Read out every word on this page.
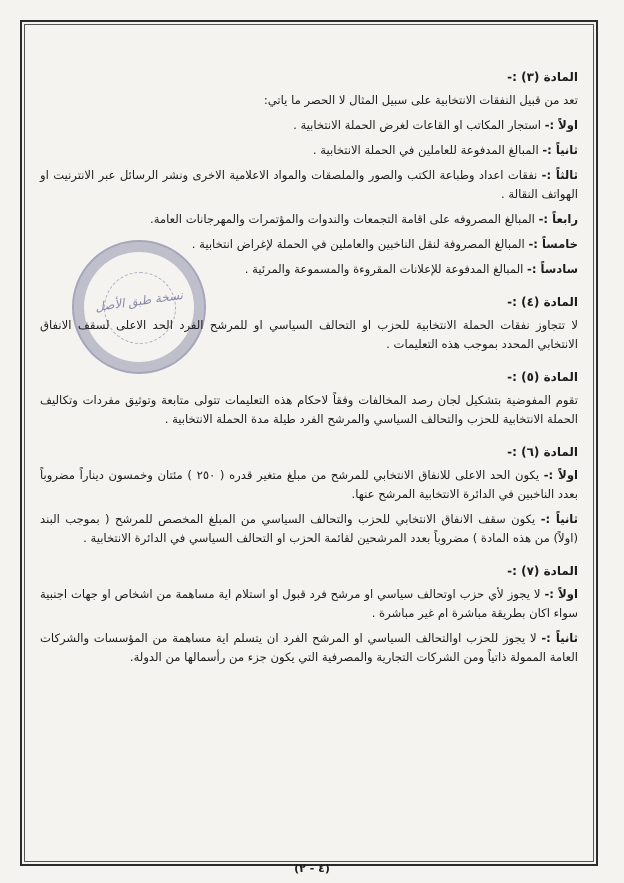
نسخة طبق الأصل
المادة (٣) :-

تعد من قبيل النفقات الانتخابية على سبيل المثال لا الحصر ما ياتي:

اولاً :- استجار المكاتب او القاعات لغرض الحملة الانتخابية .

ثانياً :- المبالغ المدفوعة للعاملين في الحملة الانتخابية .

ثالثاً :- نفقات اعداد وطباعة الكتب والصور والملصقات والمواد الاعلامية الاخرى ونشر الرسائل عبر الانترنيت او الهواتف النقالة .

رابعاً :- المبالغ المصروفه على اقامة التجمعات والندوات والمؤتمرات والمهرجانات العامة.

خامساً :- المبالغ المصروفة لنقل الناخبين والعاملين في الحملة لإغراض انتخابية .

سادساً :- المبالغ المدفوعة للإعلانات المقروءة والمسموعة والمرئية .

المادة (٤) :-

لا تتجاوز نفقات الحملة الانتخابية للحزب او التحالف السياسي او للمرشح الفرد الحد الاعلى لسقف الانفاق الانتخابي المحدد بموجب هذه التعليمات .

المادة (٥) :-

تقوم المفوضية بتشكيل لجان رصد المخالفات وفقاً لاحكام هذه التعليمات تتولى متابعة وتوثيق مفردات وتكاليف الحملة الانتخابية للحزب والتحالف السياسي والمرشح الفرد طيلة مدة الحملة الانتخابية .

المادة (٦) :-

اولاً :- يكون الحد الاعلى للانفاق الانتخابي للمرشح من مبلغ متغير قدره ( ٢٥٠ ) مئتان وخمسون ديناراً مضروباً بعدد الناخبين في الدائرة الانتخابية المرشح عنها.

ثانياً :- يكون سقف الانفاق الانتخابي للحزب والتحالف السياسي من المبلغ المخصص للمرشح ( بموجب البند (اولاً) من هذه المادة ) مضروباً بعدد المرشحين لقائمة الحزب او التحالف السياسي في الدائرة الانتخابية .

المادة (٧) :-

اولاً :- لا يجوز لأي حزب اوتحالف سياسي او مرشح فرد قبول او استلام اية مساهمة من اشخاص او جهات اجنبية سواء اكان بطريقة مباشرة ام غير مباشرة .

ثانياً :- لا يجوز للحزب اوالتحالف السياسي او المرشح الفرد ان يتسلم اية مساهمة من المؤسسات والشركات العامة الممولة ذاتياً ومن الشركات التجارية والمصرفية التي يكون جزء من رأسمالها من الدولة.

(٤ - ٢)
